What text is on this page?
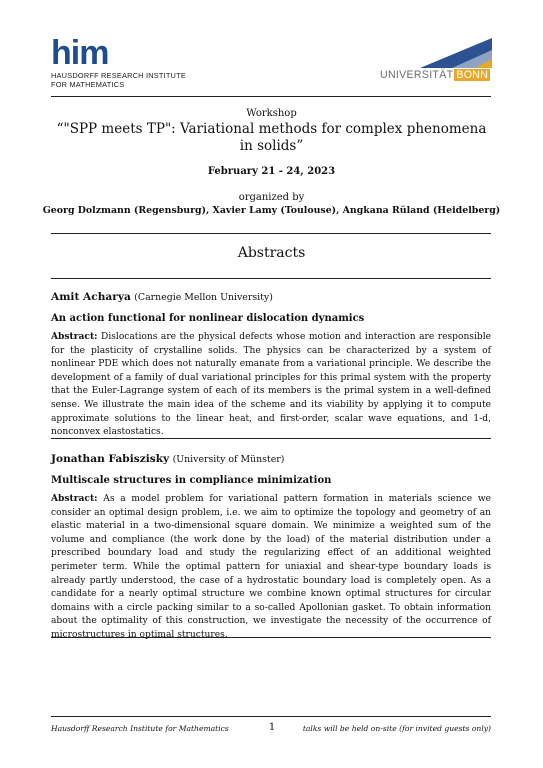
him
HAUSDORFF RESEARCH INSTITUTE
FOR MATHEMATICS
UNIVERSITÄT BONN
Workshop
“"SPP meets TP": Variational methods for complex phenomena
in solids”
February 21 - 24, 2023
organized by
Georg Dolzmann (Regensburg), Xavier Lamy (Toulouse), Angkana Rüland (Heidelberg)
Abstracts
Amit Acharya (Carnegie Mellon University)
An action functional for nonlinear dislocation dynamics
Abstract: Dislocations are the physical defects whose motion and interaction are responsible for the plasticity of crystalline solids. The physics can be characterized by a system of nonlinear PDE which does not naturally emanate from a variational principle. We describe the development of a family of dual variational principles for this primal system with the property that the Euler-Lagrange system of each of its members is the primal system in a well-defined sense. We illustrate the main idea of the scheme and its viability by applying it to compute approximate solutions to the linear heat, and first-order, scalar wave equations, and 1-d, nonconvex elastostatics.
Jonathan Fabiszisky (University of Münster)
Multiscale structures in compliance minimization
Abstract: As a model problem for variational pattern formation in materials science we consider an optimal design problem, i.e. we aim to optimize the topology and geometry of an elastic material in a two-dimensional square domain. We minimize a weighted sum of the volume and compliance (the work done by the load) of the material distribution under a prescribed boundary load and study the regularizing effect of an additional weighted perimeter term. While the optimal pattern for uniaxial and shear-type boundary loads is already partly understood, the case of a hydrostatic boundary load is completely open. As a candidate for a nearly optimal structure we combine known optimal structures for circular domains with a circle packing similar to a so-called Apollonian gasket. To obtain information about the optimality of this construction, we investigate the necessity of the occurrence of microstructures in optimal structures.
Hausdorff Research Institute for Mathematics	1	talks will be held on-site (for invited guests only)
